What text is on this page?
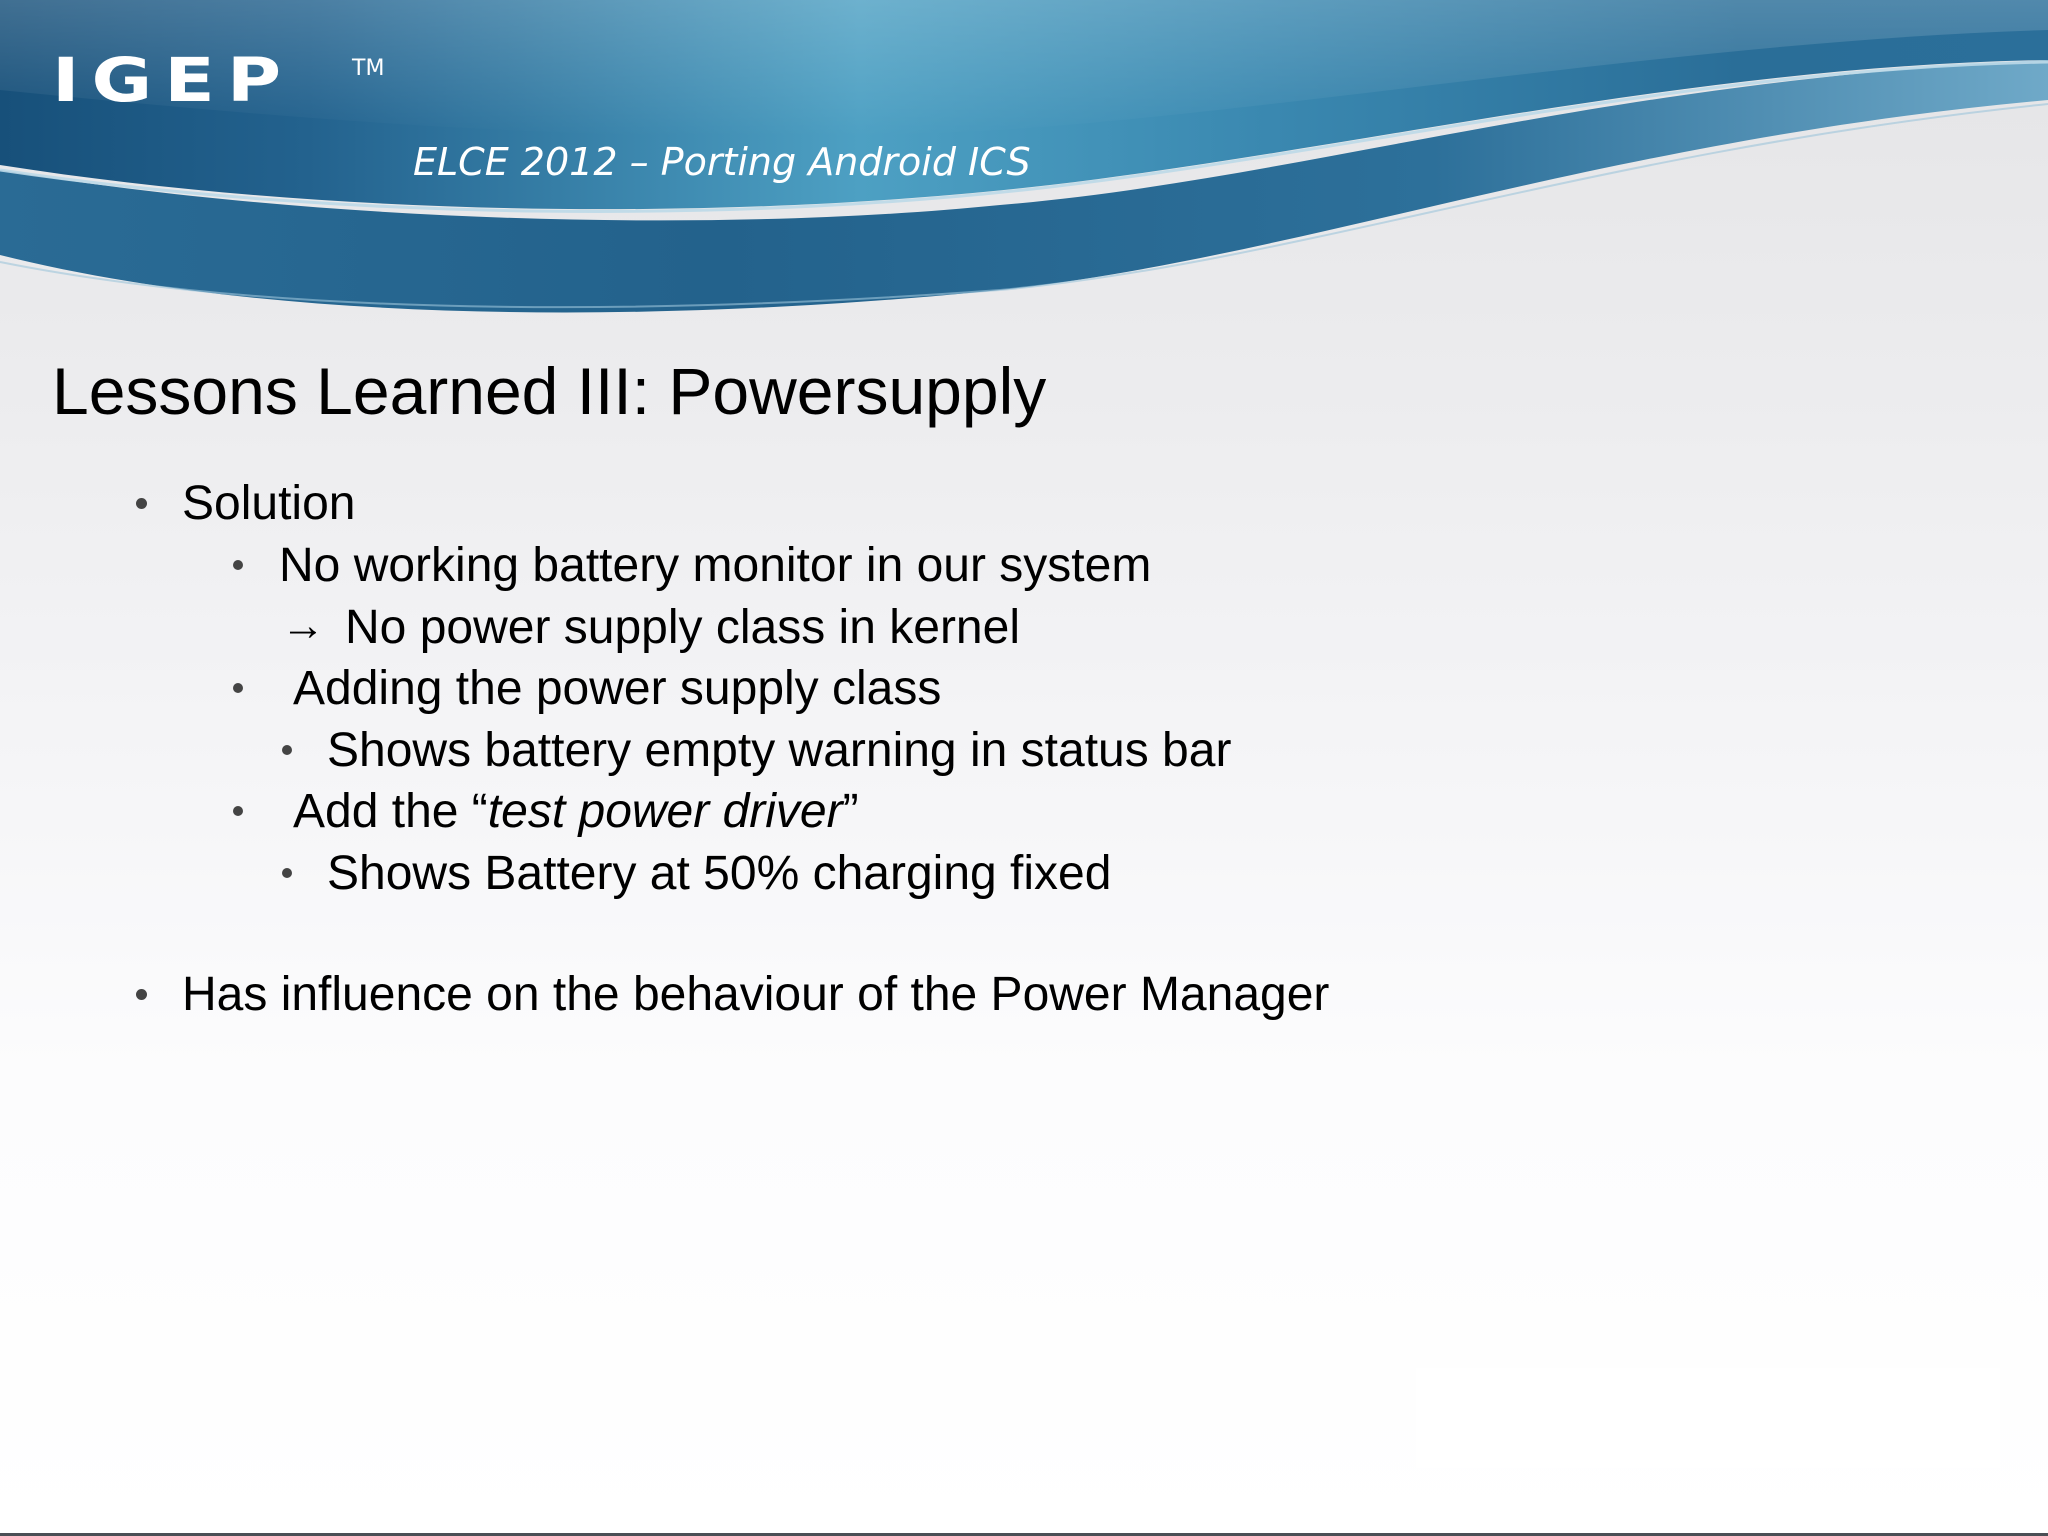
IGEP	TM
ELCE 2012 – Porting Android ICS
Lessons Learned III: Powersupply
Solution
No working battery monitor in our system
→ No power supply class in kernel
Adding the power supply class
Shows battery empty warning in status bar
Add the “test power driver”
Shows Battery at 50% charging fixed
Has influence on the behaviour of the Power Manager
